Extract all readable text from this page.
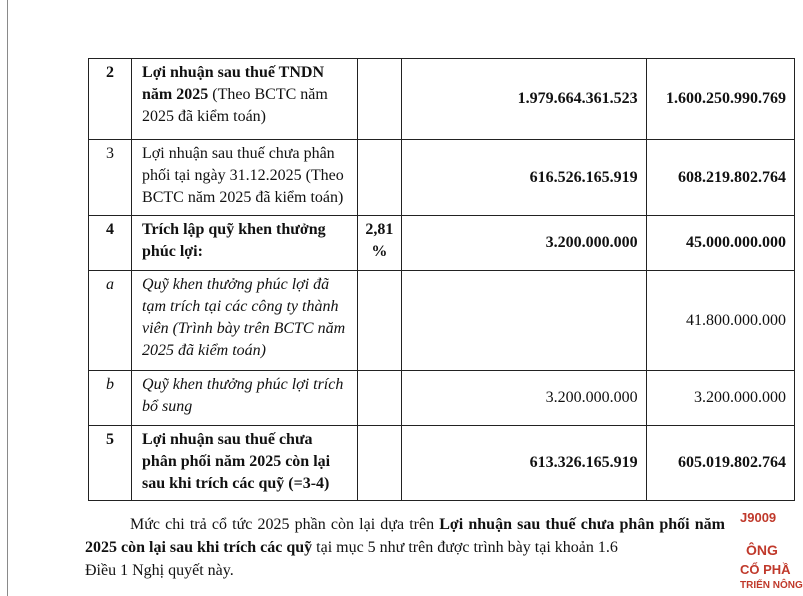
2	Lợi nhuận sau thuế TNDN năm 2025 (Theo BCTC năm 2025 đã kiểm toán)		1.979.664.361.523	1.600.250.990.769
3	Lợi nhuận sau thuế chưa phân phối tại ngày 31.12.2025 (Theo BCTC năm 2025 đã kiểm toán)		616.526.165.919	608.219.802.764
4	Trích lập quỹ khen thưởng phúc lợi:	2,81 %	3.200.000.000	45.000.000.000
a	Quỹ khen thưởng phúc lợi đã tạm trích tại các công ty thành viên (Trình bày trên BCTC năm 2025 đã kiểm toán)			41.800.000.000
b	Quỹ khen thưởng phúc lợi trích bổ sung		3.200.000.000	3.200.000.000
5	Lợi nhuận sau thuế chưa phân phối năm 2025 còn lại sau khi trích các quỹ (=3-4)		613.326.165.919	605.019.802.764

Mức chi trả cổ tức 2025 phần còn lại dựa trên Lợi nhuận sau thuế chưa phân phối năm 2025 còn lại sau khi trích các quỹ tại mục 5 như trên được trình bày tại khoản 1.6
Điều 1 Nghị quyết này.

J9009
ÔNG
CỔ PHẦ
TRIỂN NÔNG
